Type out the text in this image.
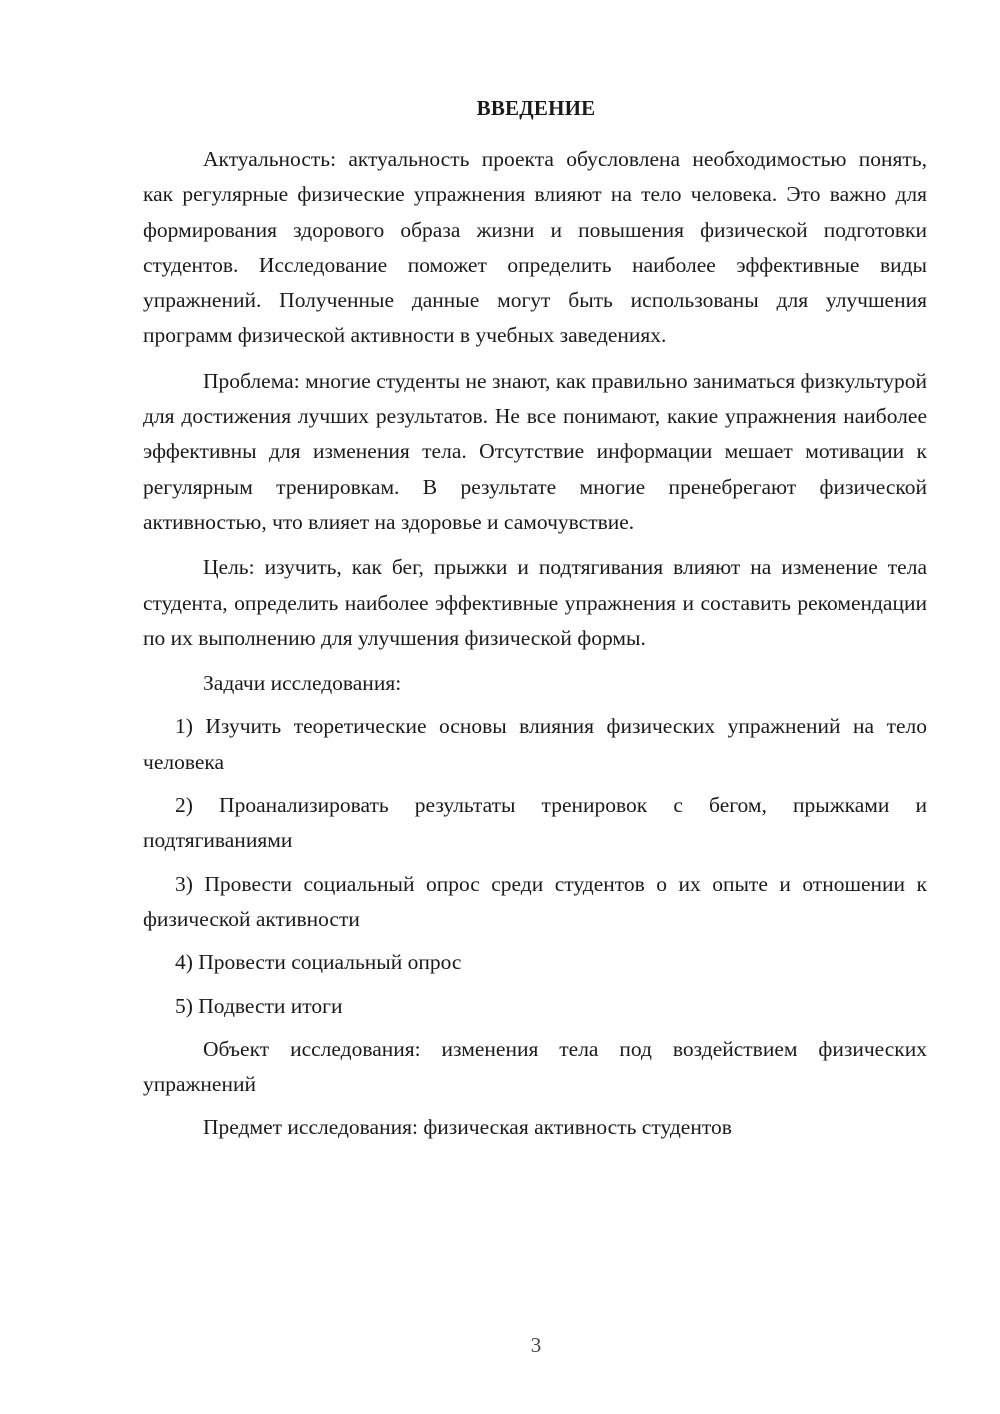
ВВЕДЕНИЕ

Актуальность: актуальность проекта обусловлена необходимостью понять, как регулярные физические упражнения влияют на тело человека. Это важно для формирования здорового образа жизни и повышения физической подготовки студентов. Исследование поможет определить наиболее эффективные виды упражнений. Полученные данные могут быть использованы для улучшения программ физической активности в учебных заведениях.

Проблема: многие студенты не знают, как правильно заниматься физкультурой для достижения лучших результатов. Не все понимают, какие упражнения наиболее эффективны для изменения тела. Отсутствие информации мешает мотивации к регулярным тренировкам. В результате многие пренебрегают физической активностью, что влияет на здоровье и самочувствие.

Цель: изучить, как бег, прыжки и подтягивания влияют на изменение тела студента, определить наиболее эффективные упражнения и составить рекомендации по их выполнению для улучшения физической формы.

Задачи исследования:

1) Изучить теоретические основы влияния физических упражнений на тело человека

2) Проанализировать результаты тренировок с бегом, прыжками и подтягиваниями

3) Провести социальный опрос среди студентов о их опыте и отношении к физической активности

4) Провести социальный опрос

5) Подвести итоги

Объект исследования: изменения тела под воздействием физических упражнений

Предмет исследования: физическая активность студентов

3
